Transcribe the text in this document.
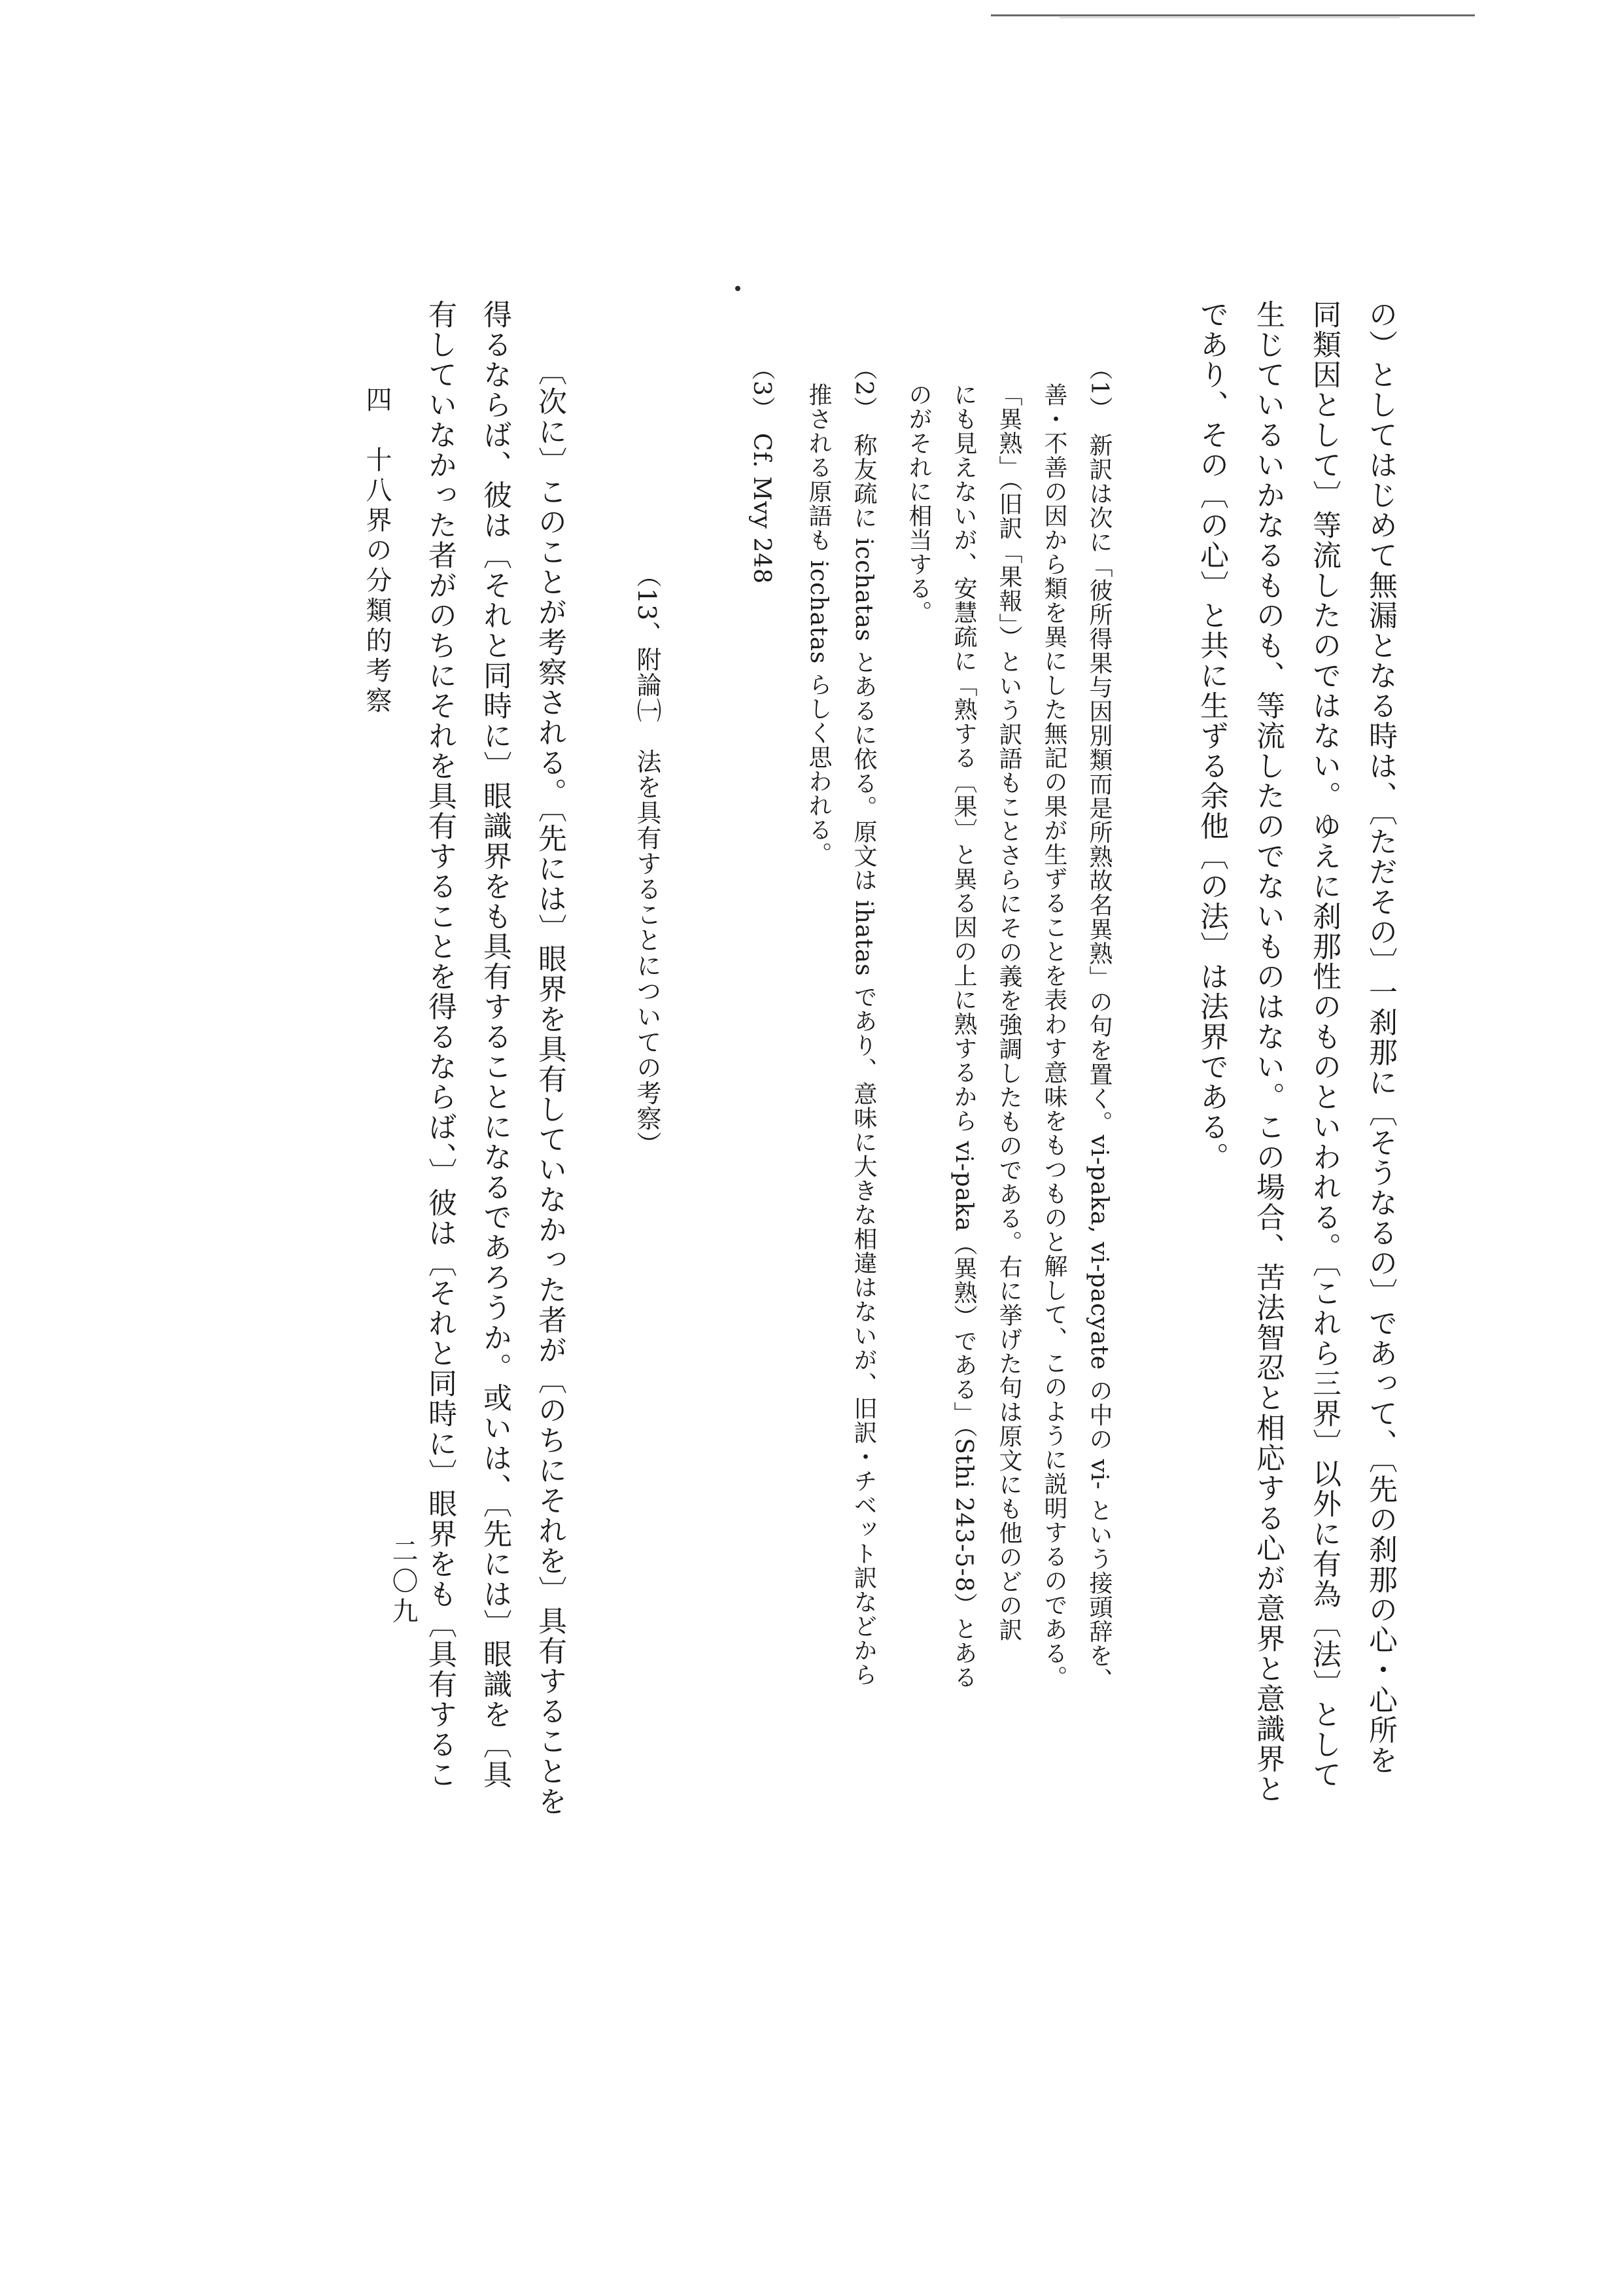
の）としてはじめて無漏となる時は、〔ただその〕一刹那に〔そうなるの〕であって、〔先の刹那の心・心所を

同類因として〕等流したのではない。ゆえに刹那性のものといわれる。〔これら三界〕以外に有為〔法〕として

生じているいかなるものも、等流したのでないものはない。この場合、苦法智忍と相応する心が意界と意識界と

であり、その〔の心〕と共に生ずる余他〔の法〕は法界である。

（1）　新訳は次に「彼所得果与因別類而是所熟故名異熟」の句を置く。vi-paka, vi-pacyate の中の vi- という接頭辞を、

善・不善の因から類を異にした無記の果が生ずることを表わす意味をもつものと解して、このように説明するのである。

「異熟」（旧訳「果報」）という訳語もことさらにその義を強調したものである。右に挙げた句は原文にも他のどの訳

にも見えないが、安慧疏に「熟する〔果〕と異る因の上に熟するから vi-paka（異熟）である」（Sthi 243-5-8）とある

のがそれに相当する。

（2）　称友疏に icchatas とあるに依る。原文は ihatas であり、意味に大きな相違はないが、旧訳・チベット訳などから

推される原語も icchatas らしく思われる。

（3）　Cf. Mvy 248

（13、附論㈠　法を具有することについての考察）

〔次に〕このことが考察される。〔先には〕眼界を具有していなかった者が〔のちにそれを〕具有することを

得るならば、彼は〔それと同時に〕眼識界をも具有することになるであろうか。或いは、〔先には〕眼識を〔具

有していなかった者がのちにそれを具有することを得るならば、〕彼は〔それと同時に〕眼界をも〔具有するこ

四　十八界の分類的考察

二〇九
